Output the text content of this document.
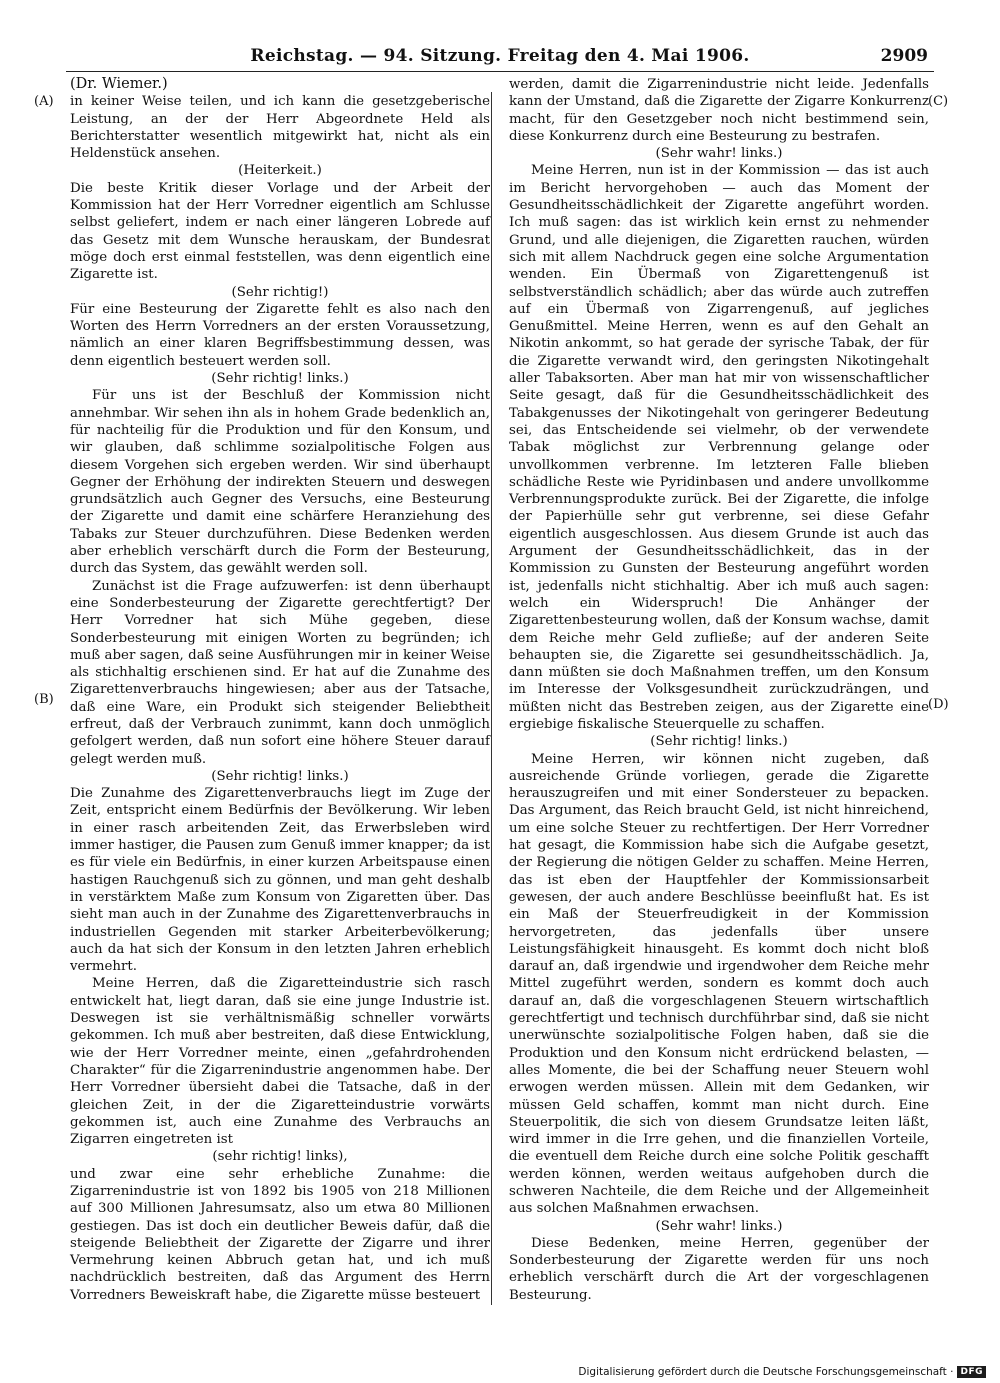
Reichstag. — 94. Sitzung. Freitag den 4. Mai 1906.	2909
(A)
(B)
(C)
(D)

(Dr. Wiemer.)

in keiner Weise teilen, und ich kann die gesetzgeberische Leistung, an der der Herr Abgeordnete Held als Berichterstatter wesentlich mitgewirkt hat, nicht als ein Heldenstück ansehen.

(Heiterkeit.)

Die beste Kritik dieser Vorlage und der Arbeit der Kommission hat der Herr Vorredner eigentlich am Schlusse selbst geliefert, indem er nach einer längeren Lobrede auf das Gesetz mit dem Wunsche herauskam, der Bundesrat möge doch erst einmal feststellen, was denn eigentlich eine Zigarette ist.

(Sehr richtig!)

Für eine Besteurung der Zigarette fehlt es also nach den Worten des Herrn Vorredners an der ersten Voraussetzung, nämlich an einer klaren Begriffsbestimmung dessen, was denn eigentlich besteuert werden soll.

(Sehr richtig! links.)

Für uns ist der Beschluß der Kommission nicht annehmbar. Wir sehen ihn als in hohem Grade bedenklich an, für nachteilig für die Produktion und für den Konsum, und wir glauben, daß schlimme sozialpolitische Folgen aus diesem Vorgehen sich ergeben werden. Wir sind überhaupt Gegner der Erhöhung der indirekten Steuern und deswegen grundsätzlich auch Gegner des Versuchs, eine Besteurung der Zigarette und damit eine schärfere Heranziehung des Tabaks zur Steuer durchzuführen. Diese Bedenken werden aber erheblich verschärft durch die Form der Besteurung, durch das System, das gewählt werden soll.

Zunächst ist die Frage aufzuwerfen: ist denn überhaupt eine Sonderbesteurung der Zigarette gerechtfertigt? Der Herr Vorredner hat sich Mühe gegeben, diese Sonderbesteurung mit einigen Worten zu begründen; ich muß aber sagen, daß seine Ausführungen mir in keiner Weise als stichhaltig erschienen sind. Er hat auf die Zunahme des Zigarettenverbrauchs hingewiesen; aber aus der Tatsache, daß eine Ware, ein Produkt sich steigender Beliebtheit erfreut, daß der Verbrauch zunimmt, kann doch unmöglich gefolgert werden, daß nun sofort eine höhere Steuer darauf gelegt werden muß.

(Sehr richtig! links.)

Die Zunahme des Zigarettenverbrauchs liegt im Zuge der Zeit, entspricht einem Bedürfnis der Bevölkerung. Wir leben in einer rasch arbeitenden Zeit, das Erwerbsleben wird immer hastiger, die Pausen zum Genuß immer knapper; da ist es für viele ein Bedürfnis, in einer kurzen Arbeitspause einen hastigen Rauchgenuß sich zu gönnen, und man geht deshalb in verstärktem Maße zum Konsum von Zigaretten über. Das sieht man auch in der Zunahme des Zigarettenverbrauchs in industriellen Gegenden mit starker Arbeiterbevölkerung; auch da hat sich der Konsum in den letzten Jahren erheblich vermehrt.

Meine Herren, daß die Zigaretteindustrie sich rasch entwickelt hat, liegt daran, daß sie eine junge Industrie ist. Deswegen ist sie verhältnismäßig schneller vorwärts gekommen. Ich muß aber bestreiten, daß diese Entwicklung, wie der Herr Vorredner meinte, einen „gefahrdrohenden Charakter“ für die Zigarrenindustrie angenommen habe. Der Herr Vorredner übersieht dabei die Tatsache, daß in der gleichen Zeit, in der die Zigaretteindustrie vorwärts gekommen ist, auch eine Zunahme des Verbrauchs an Zigarren eingetreten ist

(sehr richtig! links),

und zwar eine sehr erhebliche Zunahme: die Zigarrenindustrie ist von 1892 bis 1905 von 218 Millionen auf 300 Millionen Jahresumsatz, also um etwa 80 Millionen gestiegen. Das ist doch ein deutlicher Beweis dafür, daß die steigende Beliebtheit der Zigarette der Zigarre und ihrer Vermehrung keinen Abbruch getan hat, und ich muß nachdrücklich bestreiten, daß das Argument des Herrn Vorredners Beweiskraft habe, die Zigarette müsse besteuert

werden, damit die Zigarrenindustrie nicht leide. Jedenfalls kann der Umstand, daß die Zigarette der Zigarre Konkurrenz macht, für den Gesetzgeber noch nicht bestimmend sein, diese Konkurrenz durch eine Besteurung zu bestrafen.

(Sehr wahr! links.)

Meine Herren, nun ist in der Kommission — das ist auch im Bericht hervorgehoben — auch das Moment der Gesundheitsschädlichkeit der Zigarette angeführt worden. Ich muß sagen: das ist wirklich kein ernst zu nehmender Grund, und alle diejenigen, die Zigaretten rauchen, würden sich mit allem Nachdruck gegen eine solche Argumentation wenden. Ein Übermaß von Zigarettengenuß ist selbstverständlich schädlich; aber das würde auch zutreffen auf ein Übermaß von Zigarrengenuß, auf jegliches Genußmittel. Meine Herren, wenn es auf den Gehalt an Nikotin ankommt, so hat gerade der syrische Tabak, der für die Zigarette verwandt wird, den geringsten Nikotingehalt aller Tabaksorten. Aber man hat mir von wissenschaftlicher Seite gesagt, daß für die Gesundheitsschädlichkeit des Tabakgenusses der Nikotingehalt von geringerer Bedeutung sei, das Entscheidende sei vielmehr, ob der verwendete Tabak möglichst zur Verbrennung gelange oder unvollkommen verbrenne. Im letzteren Falle blieben schädliche Reste wie Pyridinbasen und andere unvollkomme Verbrennungsprodukte zurück. Bei der Zigarette, die infolge der Papierhülle sehr gut verbrenne, sei diese Gefahr eigentlich ausgeschlossen. Aus diesem Grunde ist auch das Argument der Gesundheitsschädlichkeit, das in der Kommission zu Gunsten der Besteurung angeführt worden ist, jedenfalls nicht stichhaltig. Aber ich muß auch sagen: welch ein Widerspruch! Die Anhänger der Zigarettenbesteurung wollen, daß der Konsum wachse, damit dem Reiche mehr Geld zufließe; auf der anderen Seite behaupten sie, die Zigarette sei gesundheitsschädlich. Ja, dann müßten sie doch Maßnahmen treffen, um den Konsum im Interesse der Volksgesundheit zurückzudrängen, und müßten nicht das Bestreben zeigen, aus der Zigarette eine ergiebige fiskalische Steuerquelle zu schaffen.

(Sehr richtig! links.)

Meine Herren, wir können nicht zugeben, daß ausreichende Gründe vorliegen, gerade die Zigarette herauszugreifen und mit einer Sondersteuer zu bepacken. Das Argument, das Reich braucht Geld, ist nicht hinreichend, um eine solche Steuer zu rechtfertigen. Der Herr Vorredner hat gesagt, die Kommission habe sich die Aufgabe gesetzt, der Regierung die nötigen Gelder zu schaffen. Meine Herren, das ist eben der Hauptfehler der Kommissionsarbeit gewesen, der auch andere Beschlüsse beeinflußt hat. Es ist ein Maß der Steuerfreudigkeit in der Kommission hervorgetreten, das jedenfalls über unsere Leistungsfähigkeit hinausgeht. Es kommt doch nicht bloß darauf an, daß irgendwie und irgendwoher dem Reiche mehr Mittel zugeführt werden, sondern es kommt doch auch darauf an, daß die vorgeschlagenen Steuern wirtschaftlich gerechtfertigt und technisch durchführbar sind, daß sie nicht unerwünschte sozialpolitische Folgen haben, daß sie die Produktion und den Konsum nicht erdrückend belasten, — alles Momente, die bei der Schaffung neuer Steuern wohl erwogen werden müssen. Allein mit dem Gedanken, wir müssen Geld schaffen, kommt man nicht durch. Eine Steuerpolitik, die sich von diesem Grundsatze leiten läßt, wird immer in die Irre gehen, und die finanziellen Vorteile, die eventuell dem Reiche durch eine solche Politik geschafft werden können, werden weitaus aufgehoben durch die schweren Nachteile, die dem Reiche und der Allgemeinheit aus solchen Maßnahmen erwachsen.

(Sehr wahr! links.)

Diese Bedenken, meine Herren, gegenüber der Sonderbesteurung der Zigarette werden für uns noch erheblich verschärft durch die Art der vorgeschlagenen Besteurung.

Digitalisierung gefördert durch die Deutsche Forschungsgemeinschaft · DFG
